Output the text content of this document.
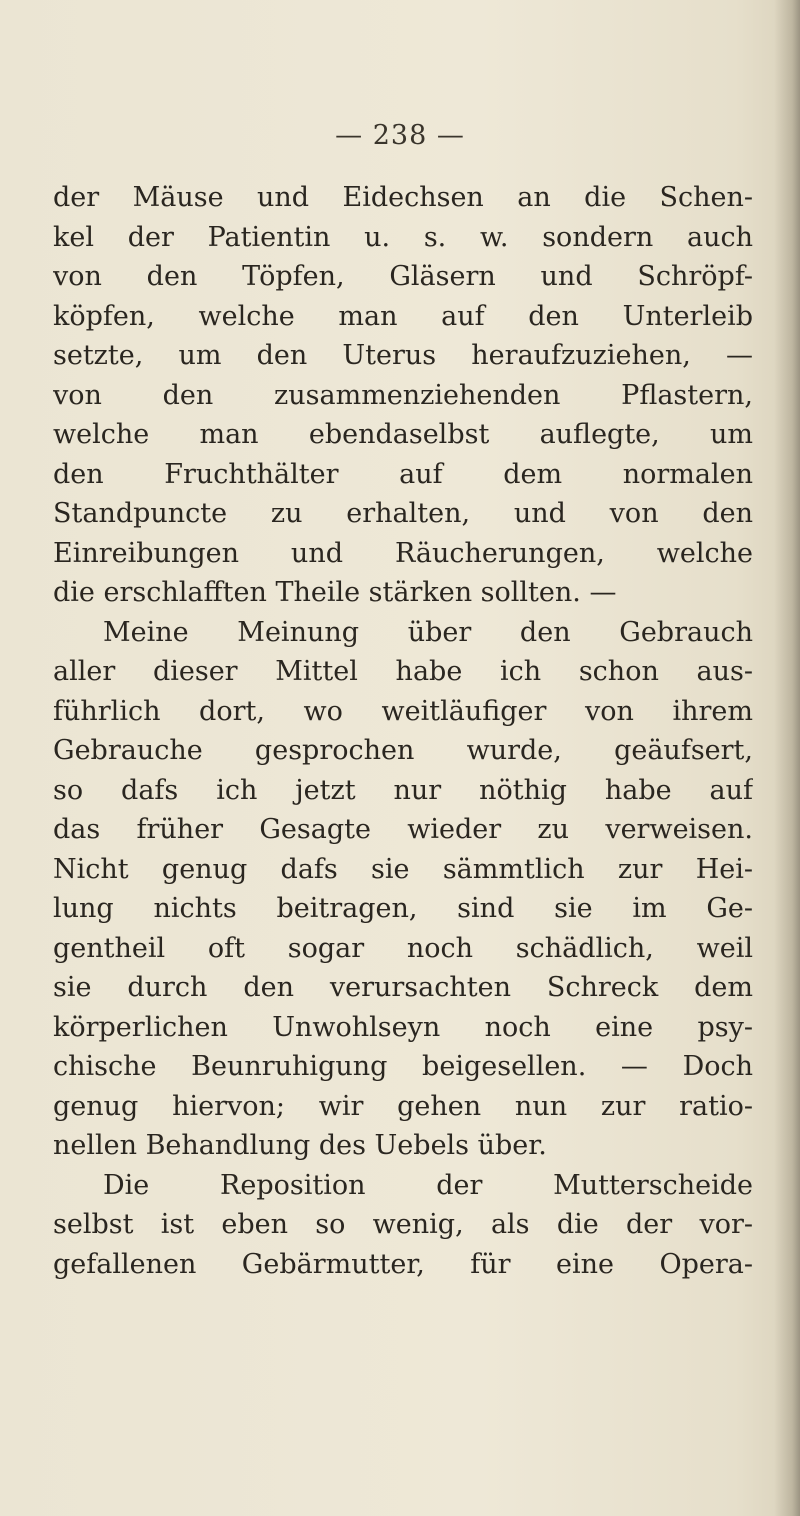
— 238 —
der Mäuse und Eidechsen an die Schen-
kel der Patientin u. s. w. sondern auch
von den Töpfen, Gläsern und Schröpf-
köpfen, welche man auf den Unterleib
setzte, um den Uterus heraufzuziehen, —
von den zusammenziehenden Pflastern,
welche man ebendaselbst auflegte, um
den Fruchthälter auf dem normalen
Standpuncte zu erhalten, und von den
Einreibungen und Räucherungen, welche
die erschlafften Theile stärken sollten. —
Meine Meinung über den Gebrauch
aller dieser Mittel habe ich schon aus-
führlich dort, wo weitläufiger von ihrem
Gebrauche gesprochen wurde, geäufsert,
so dafs ich jetzt nur nöthig habe auf
das früher Gesagte wieder zu verweisen.
Nicht genug dafs sie sämmtlich zur Hei-
lung nichts beitragen, sind sie im Ge-
gentheil oft sogar noch schädlich, weil
sie durch den verursachten Schreck dem
körperlichen Unwohlseyn noch eine psy-
chische Beunruhigung beigesellen. — Doch
genug hiervon; wir gehen nun zur ratio-
nellen Behandlung des Uebels über.
Die Reposition der Mutterscheide
selbst ist eben so wenig, als die der vor-
gefallenen Gebärmutter, für eine Opera-
